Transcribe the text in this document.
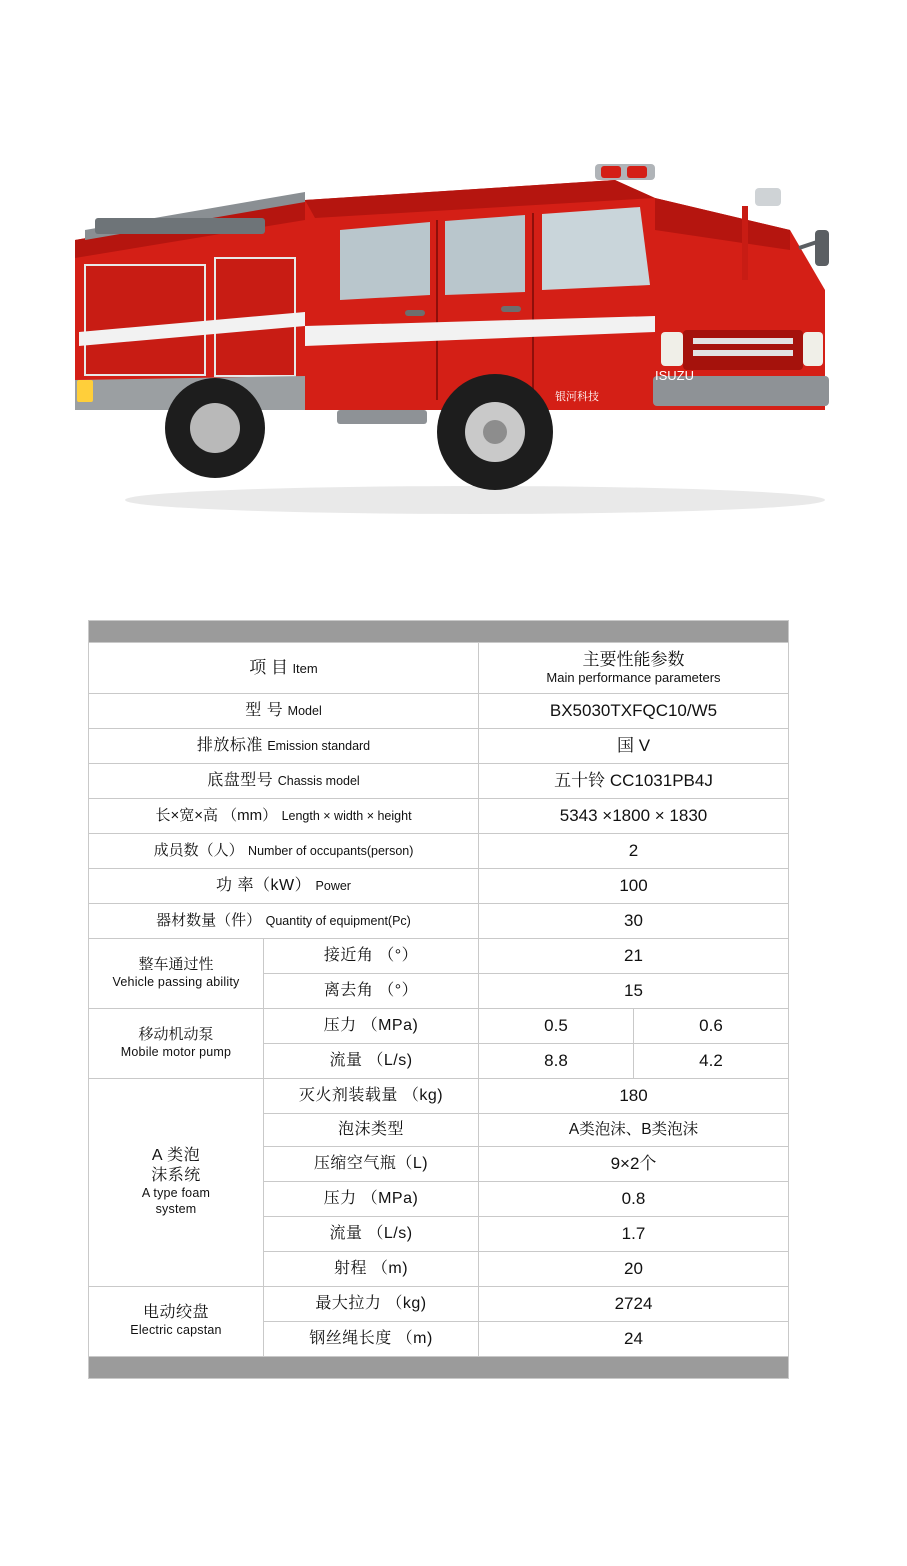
ISUZU
银河科技

项 目 Item		主要性能参数
Main performance parameters	

型 号 Model		BX5030TXFQC10/W5	
排放标准 Emission standard		国 V	
底盘型号 Chassis model		五十铃 CC1031PB4J	
长×宽×高 （mm） Length × width × height		5343 ×1800 × 1830	
成员数（人） Number of occupants(person)		2	
功 率（kW） Power		100	
器材数量（件） Quantity of equipment(Pc)		30	

整车通过性
Vehicle passing ability	接近角 （°）	21	
	离去角 （°）	15	

移动机动泵
Mobile motor pump	压力 （MPa)	0.5	0.6
	流量 （L/s)	8.8	4.2

A 类泡
沫系统
A type foam
system	灭火剂装载量 （kg)	180	
	泡沫类型	A类泡沫、B类泡沫	
	压缩空气瓶（L)	9×2个	
	压力 （MPa)	0.8	
	流量 （L/s)	1.7	
	射程 （m)	20	

电动绞盘
Electric capstan	最大拉力 （kg)	2724	
	钢丝绳长度 （m)	24	
